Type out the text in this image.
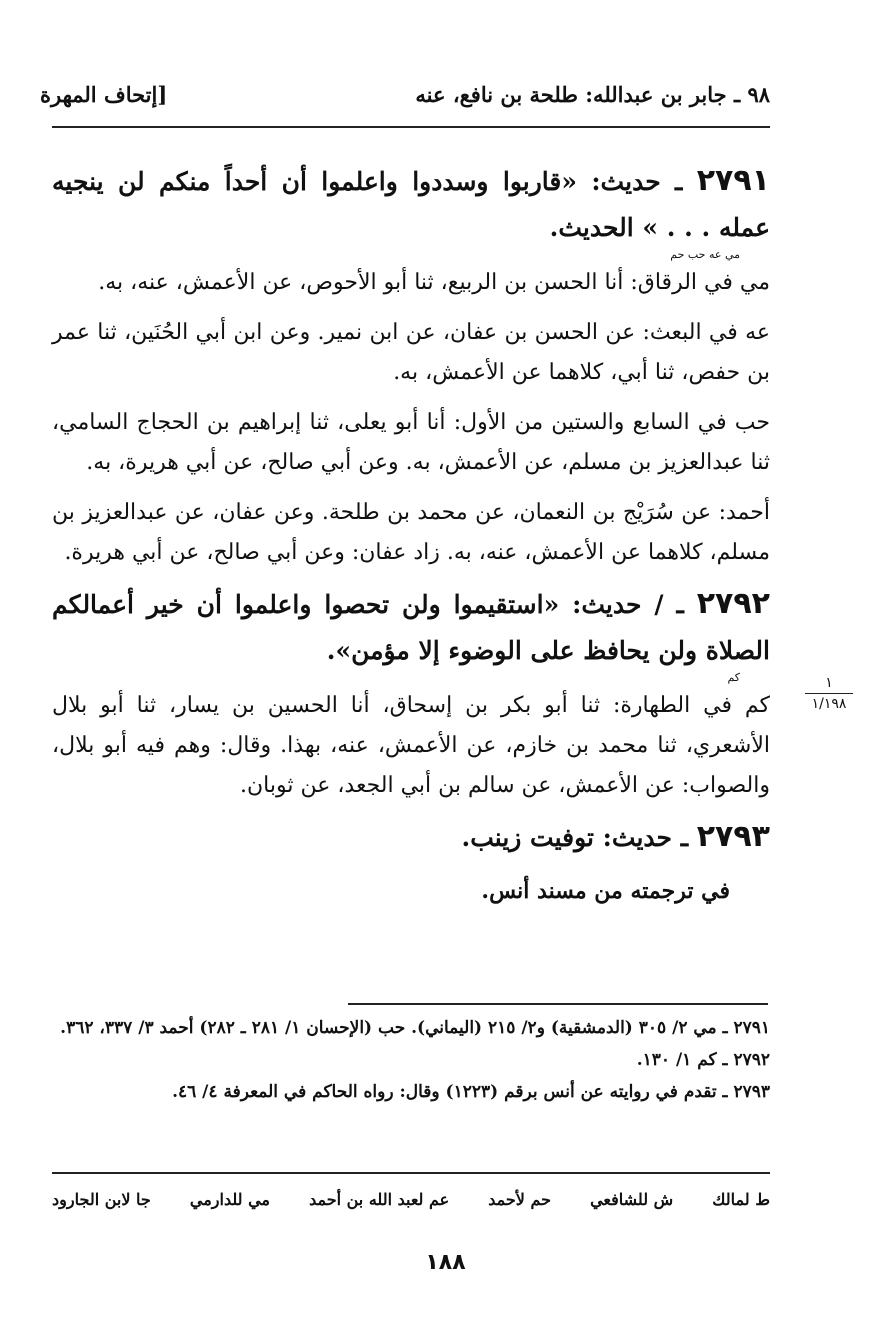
٩٨ ـ جابر بن عبدالله: طلحة بن نافع، عنه
[إتحاف المهرة

٢٧٩١ ـ حديث: «قاربوا وسددوا واعلموا أن أحداً منكم لن ينجيه عمله . . . » الحديث.

مي عه حب حم

مي في الرقاق: أنا الحسن بن الربيع، ثنا أبو الأحوص، عن الأعمش، عنه، به.

عه في البعث: عن الحسن بن عفان، عن ابن نمير. وعن ابن أبي الحُنَين، ثنا عمر بن حفص، ثنا أبي، كلاهما عن الأعمش، به.

حب في السابع والستين من الأول: أنا أبو يعلى، ثنا إبراهيم بن الحجاج السامي، ثنا عبدالعزيز بن مسلم، عن الأعمش، به. وعن أبي صالح، عن أبي هريرة، به.

أحمد: عن سُرَيْج بن النعمان، عن محمد بن طلحة. وعن عفان، عن عبدالعزيز بن مسلم، كلاهما عن الأعمش، عنه، به. زاد عفان: وعن أبي صالح، عن أبي هريرة.

٢٧٩٢ ـ / حديث: «استقيموا ولن تحصوا واعلموا أن خير أعمالكم الصلاة ولن يحافظ على الوضوء إلا مؤمن».

كم

كم في الطهارة: ثنا أبو بكر بن إسحاق، أنا الحسين بن يسار، ثنا أبو بلال الأشعري، ثنا محمد بن خازم، عن الأعمش، عنه، بهذا. وقال: وهم فيه أبو بلال، والصواب: عن الأعمش، عن سالم بن أبي الجعد، عن ثوبان.

٢٧٩٣ ـ حديث: توفيت زينب.

في ترجمته من مسند أنس.

١
١/١٩٨

٢٧٩١ ـ مي ٢/ ٣٠٥ (الدمشقية) و٢/ ٢١٥ (اليماني). حب (الإحسان ١/ ٢٨١ ـ ٢٨٢) أحمد ٣/ ٣٣٧، ٣٦٢.

٢٧٩٢ ـ كم ١/ ١٣٠.

٢٧٩٣ ـ تقدم في روايته عن أنس برقم (١٢٢٣) وقال: رواه الحاكم في المعرفة ٤/ ٤٦.

ط لمالك
ش للشافعي
حم لأحمد
عم لعبد الله بن أحمد
مي للدارمي
جا لابن الجارود
١٨٨
